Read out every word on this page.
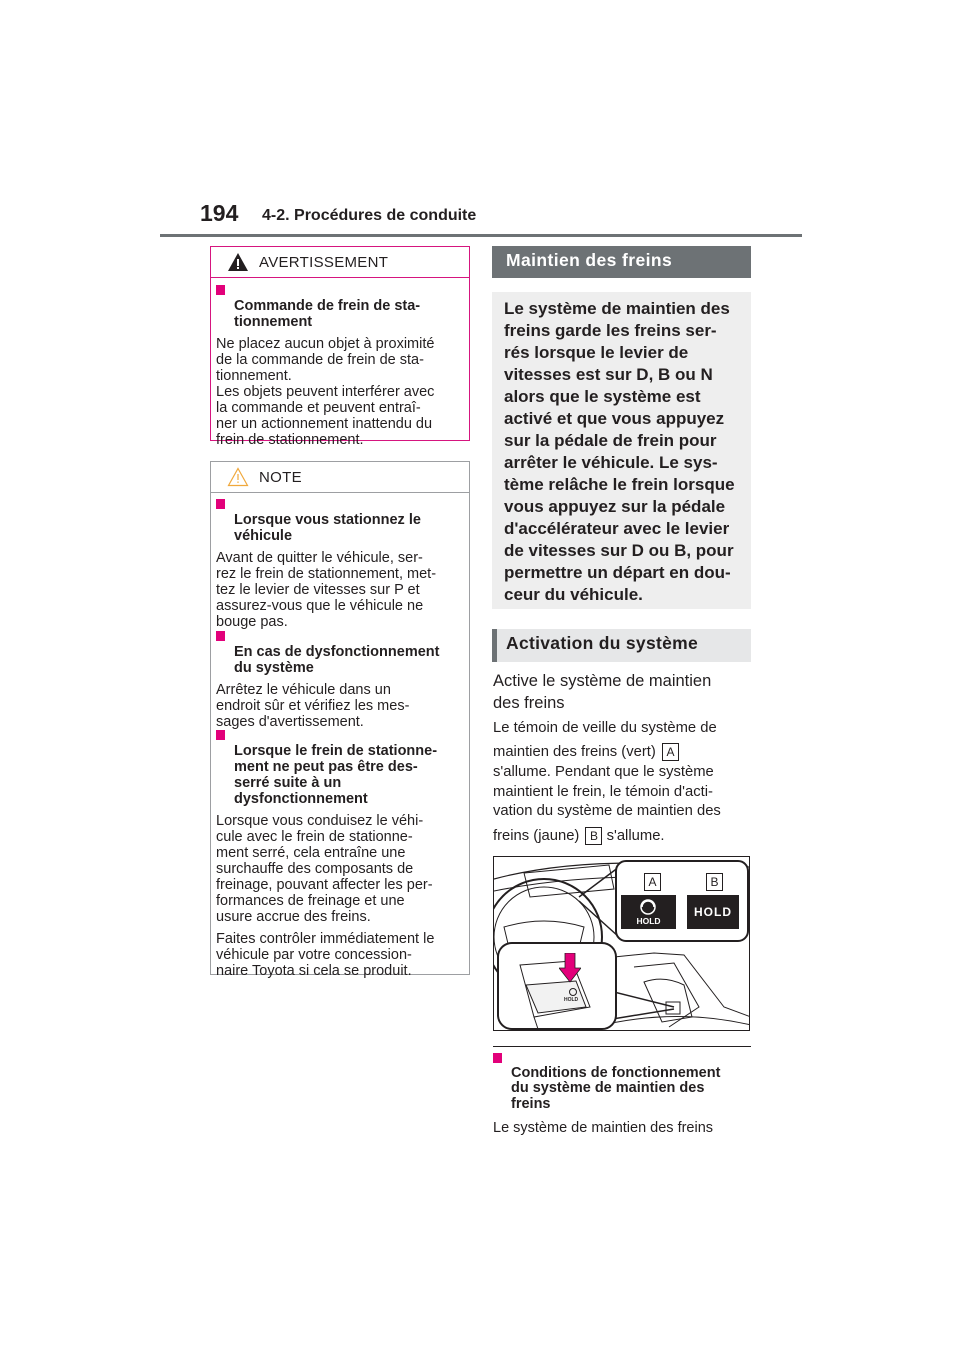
194 4-2. Procédures de conduite
AVERTISSEMENT

Commande de frein de sta-
tionnement

Ne placez aucun objet à proximité
de la commande de frein de sta-
tionnement.
Les objets peuvent interférer avec
la commande et peuvent entraî-
ner un actionnement inattendu du
frein de stationnement.

NOTE

Lorsque vous stationnez le
véhicule

Avant de quitter le véhicule, ser-
rez le frein de stationnement, met-
tez le levier de vitesses sur P et
assurez-vous que le véhicule ne
bouge pas.

En cas de dysfonctionnement
du système

Arrêtez le véhicule dans un
endroit sûr et vérifiez les mes-
sages d'avertissement.

Lorsque le frein de stationne-
ment ne peut pas être des-
serré suite à un
dysfonctionnement

Lorsque vous conduisez le véhi-
cule avec le frein de stationne-
ment serré, cela entraîne une
surchauffe des composants de
freinage, pouvant affecter les per-
formances de freinage et une
usure accrue des freins.

Faites contrôler immédiatement le
véhicule par votre concession-
naire Toyota si cela se produit.

Maintien des freins
Le système de maintien des
freins garde les freins ser-
rés lorsque le levier de
vitesses est sur D, B ou N
alors que le système est
activé et que vous appuyez
sur la pédale de frein pour
arrêter le véhicule. Le sys-
tème relâche le frein lorsque
vous appuyez sur la pédale
d'accélérateur avec le levier
de vitesses sur D ou B, pour
permettre un départ en dou-
ceur du véhicule.
Activation du système

Active le système de maintien
des freins

Le témoin de veille du système de

maintien des freins (vert) A

s'allume. Pendant que le système
maintient le frein, le témoin d'acti-
vation du système de maintien des

freins (jaune) B s'allume.

A	B
HOLD
HOLD
HOLD

Conditions de fonctionnement
du système de maintien des
freins

Le système de maintien des freins
